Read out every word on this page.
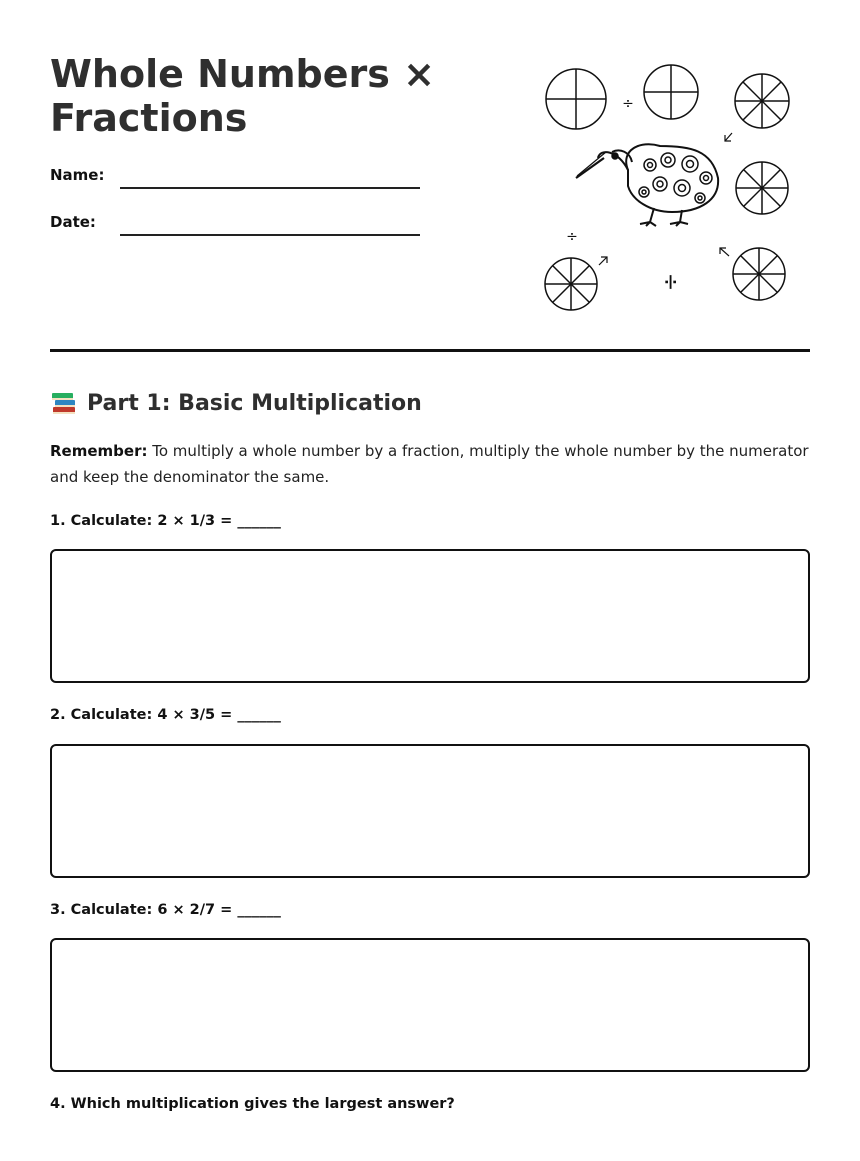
Whole Numbers × Fractions
Name:
Date:
÷
÷
÷
Part 1: Basic Multiplication

Remember: To multiply a whole number by a fraction, multiply the whole number by the numerator and keep the denominator the same.

1. Calculate: 2 × 1/3 = ______
2. Calculate: 4 × 3/5 = ______
3. Calculate: 6 × 2/7 = ______
4. Which multiplication gives the largest answer?
